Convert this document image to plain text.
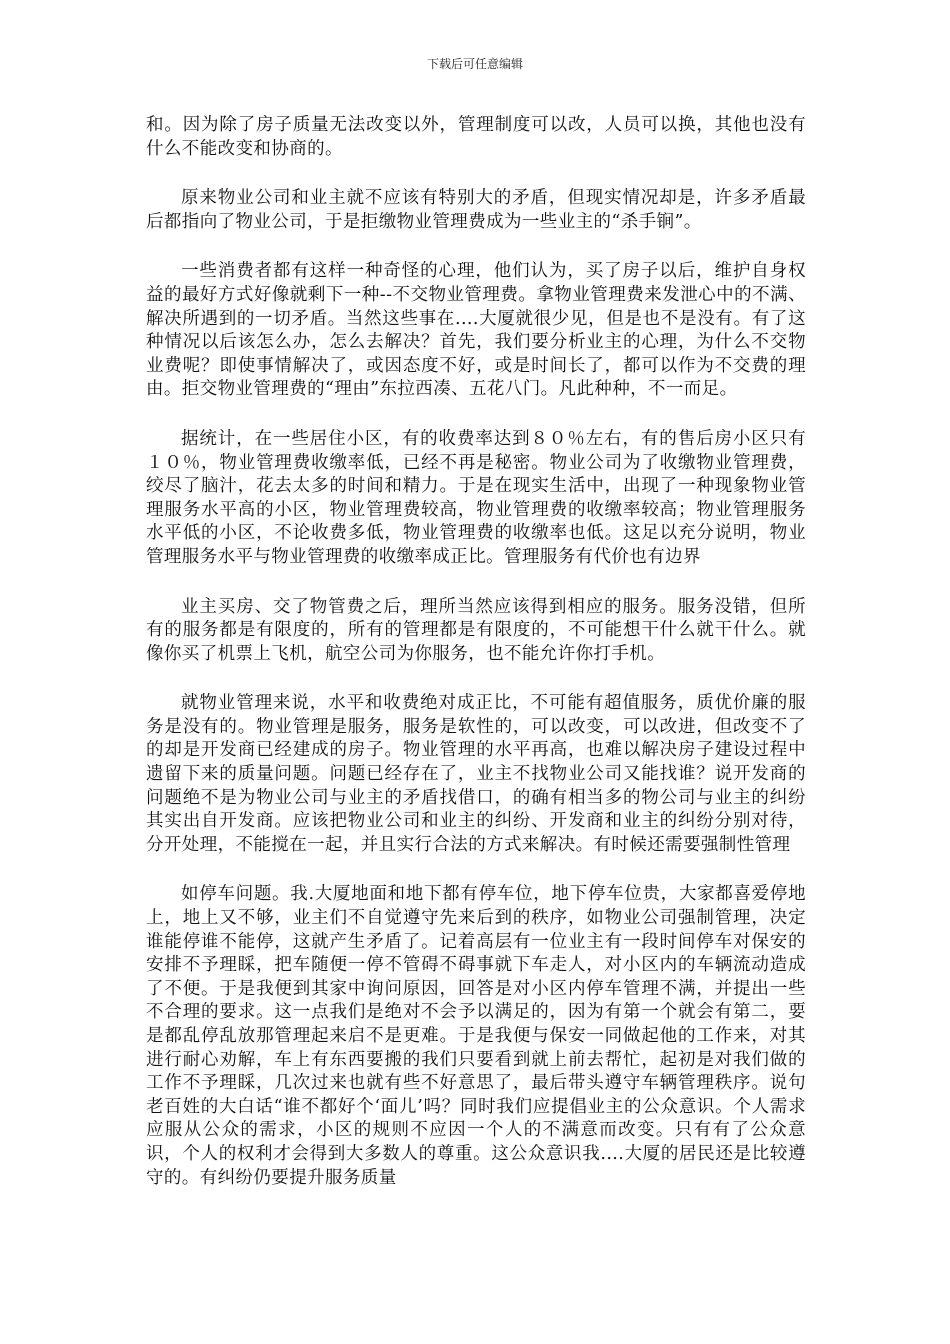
下载后可任意编辑

和。因为除了房子质量无法改变以外，管理制度可以改，人员可以换，其他也没有什么不能改变和协商的。

原来物业公司和业主就不应该有特别大的矛盾，但现实情况却是，许多矛盾最后都指向了物业公司，于是拒缴物业管理费成为一些业主的“杀手锏”。

一些消费者都有这样一种奇怪的心理，他们认为，买了房子以后，维护自身权益的最好方式好像就剩下一种--不交物业管理费。拿物业管理费来发泄心中的不满、解决所遇到的一切矛盾。当然这些事在....大厦就很少见，但是也不是没有。有了这种情况以后该怎么办，怎么去解决？首先，我们要分析业主的心理，为什么不交物业费呢？即使事情解决了，或因态度不好，或是时间长了，都可以作为不交费的理由。拒交物业管理费的“理由”东拉西凑、五花八门。凡此种种，不一而足。

据统计，在一些居住小区，有的收费率达到８０％左右，有的售后房小区只有１０％，物业管理费收缴率低，已经不再是秘密。物业公司为了收缴物业管理费，绞尽了脑汁，花去太多的时间和精力。于是在现实生活中，出现了一种现象物业管理服务水平高的小区，物业管理费较高，物业管理费的收缴率较高；物业管理服务水平低的小区，不论收费多低，物业管理费的收缴率也低。这足以充分说明，物业管理服务水平与物业管理费的收缴率成正比。管理服务有代价也有边界

业主买房、交了物管费之后，理所当然应该得到相应的服务。服务没错，但所有的服务都是有限度的，所有的管理都是有限度的，不可能想干什么就干什么。就像你买了机票上飞机，航空公司为你服务，也不能允许你打手机。

就物业管理来说，水平和收费绝对成正比，不可能有超值服务，质优价廉的服务是没有的。物业管理是服务，服务是软性的，可以改变，可以改进，但改变不了的却是开发商已经建成的房子。物业管理的水平再高，也难以解决房子建设过程中遗留下来的质量问题。问题已经存在了，业主不找物业公司又能找谁？说开发商的问题绝不是为物业公司与业主的矛盾找借口，的确有相当多的物公司与业主的纠纷其实出自开发商。应该把物业公司和业主的纠纷、开发商和业主的纠纷分别对待，分开处理，不能搅在一起，并且实行合法的方式来解决。有时候还需要强制性管理

如停车问题。我.大厦地面和地下都有停车位，地下停车位贵，大家都喜爱停地上，地上又不够，业主们不自觉遵守先来后到的秩序，如物业公司强制管理，决定谁能停谁不能停，这就产生矛盾了。记着高层有一位业主有一段时间停车对保安的安排不予理睬，把车随便一停不管碍不碍事就下车走人，对小区内的车辆流动造成了不便。于是我便到其家中询问原因，回答是对小区内停车管理不满，并提出一些不合理的要求。这一点我们是绝对不会予以满足的，因为有第一个就会有第二，要是都乱停乱放那管理起来启不是更难。于是我便与保安一同做起他的工作来，对其进行耐心劝解，车上有东西要搬的我们只要看到就上前去帮忙，起初是对我们做的工作不予理睬，几次过来也就有些不好意思了，最后带头遵守车辆管理秩序。说句老百姓的大白话“谁不都好个‘面儿’吗？同时我们应提倡业主的公众意识。个人需求应服从公众的需求，小区的规则不应因一个人的不满意而改变。只有有了公众意识，个人的权利才会得到大多数人的尊重。这公众意识我....大厦的居民还是比较遵守的。有纠纷仍要提升服务质量
